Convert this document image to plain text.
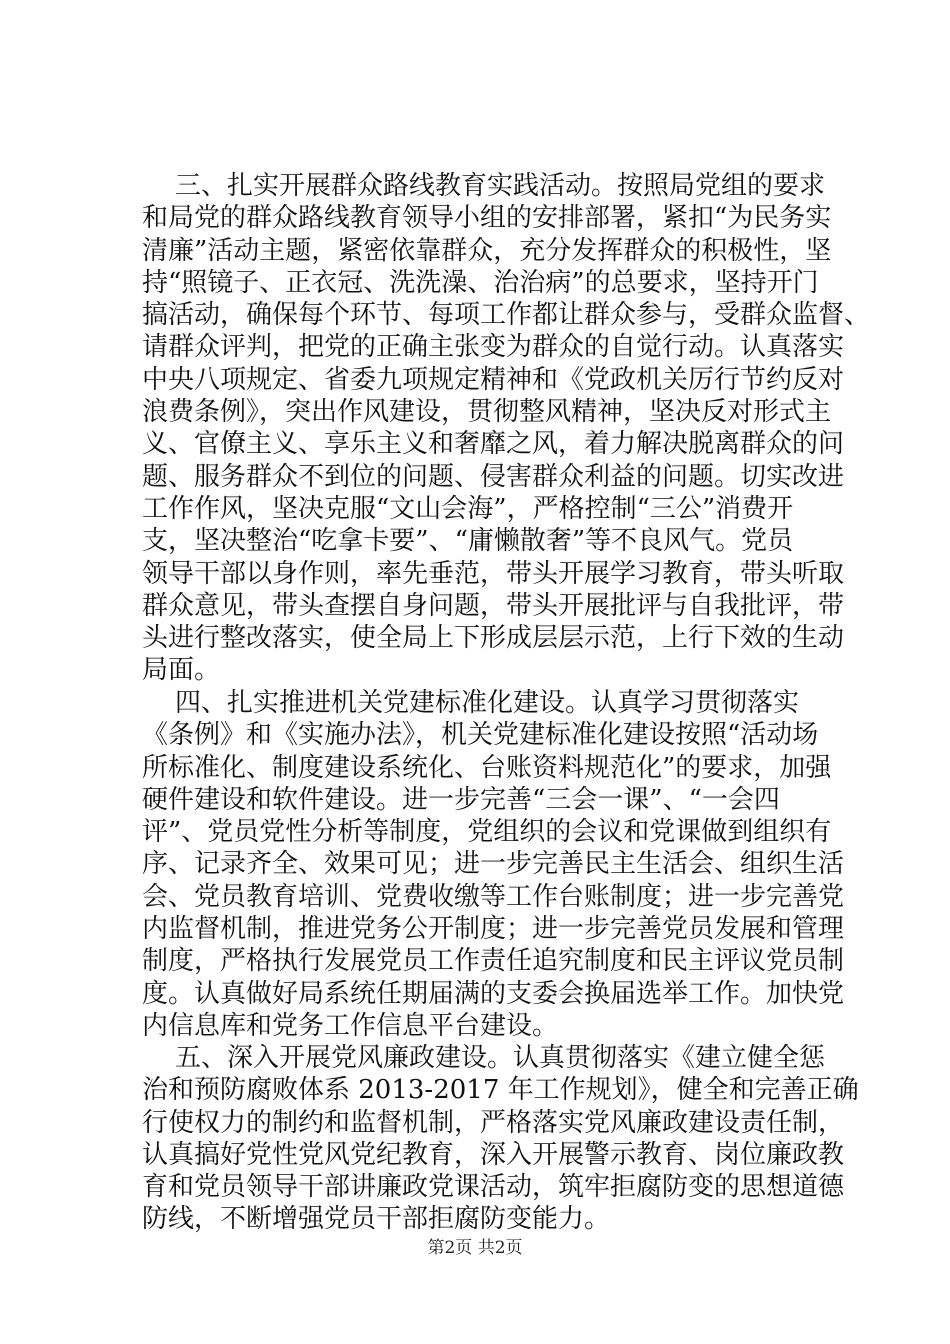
三、扎实开展群众路线教育实践活动。按照局党组的要求
和局党的群众路线教育领导小组的安排部署，紧扣“为民务实
清廉”活动主题，紧密依靠群众，充分发挥群众的积极性，坚
持“照镜子、正衣冠、洗洗澡、治治病”的总要求，坚持开门
搞活动，确保每个环节、每项工作都让群众参与，受群众监督、
请群众评判，把党的正确主张变为群众的自觉行动。认真落实
中央八项规定、省委九项规定精神和《党政机关厉行节约反对
浪费条例》，突出作风建设，贯彻整风精神，坚决反对形式主
义、官僚主义、享乐主义和奢靡之风，着力解决脱离群众的问
题、服务群众不到位的问题、侵害群众利益的问题。切实改进
工作作风，坚决克服“文山会海”，严格控制“三公”消费开
支，坚决整治“吃拿卡要”、“庸懒散奢”等不良风气。党员
领导干部以身作则，率先垂范，带头开展学习教育，带头听取
群众意见，带头查摆自身问题，带头开展批评与自我批评，带
头进行整改落实，使全局上下形成层层示范，上行下效的生动
局面。
四、扎实推进机关党建标准化建设。认真学习贯彻落实
《条例》和《实施办法》，机关党建标准化建设按照“活动场
所标准化、制度建设系统化、台账资料规范化”的要求，加强
硬件建设和软件建设。进一步完善“三会一课”、“一会四
评”、党员党性分析等制度，党组织的会议和党课做到组织有
序、记录齐全、效果可见；进一步完善民主生活会、组织生活
会、党员教育培训、党费收缴等工作台账制度；进一步完善党
内监督机制，推进党务公开制度；进一步完善党员发展和管理
制度，严格执行发展党员工作责任追究制度和民主评议党员制
度。认真做好局系统任期届满的支委会换届选举工作。加快党
内信息库和党务工作信息平台建设。
五、深入开展党风廉政建设。认真贯彻落实《建立健全惩
治和预防腐败体系 2013-2017 年工作规划》，健全和完善正确
行使权力的制约和监督机制，严格落实党风廉政建设责任制，
认真搞好党性党风党纪教育，深入开展警示教育、岗位廉政教
育和党员领导干部讲廉政党课活动，筑牢拒腐防变的思想道德
防线，不断增强党员干部拒腐防变能力。
第2页 共2页
